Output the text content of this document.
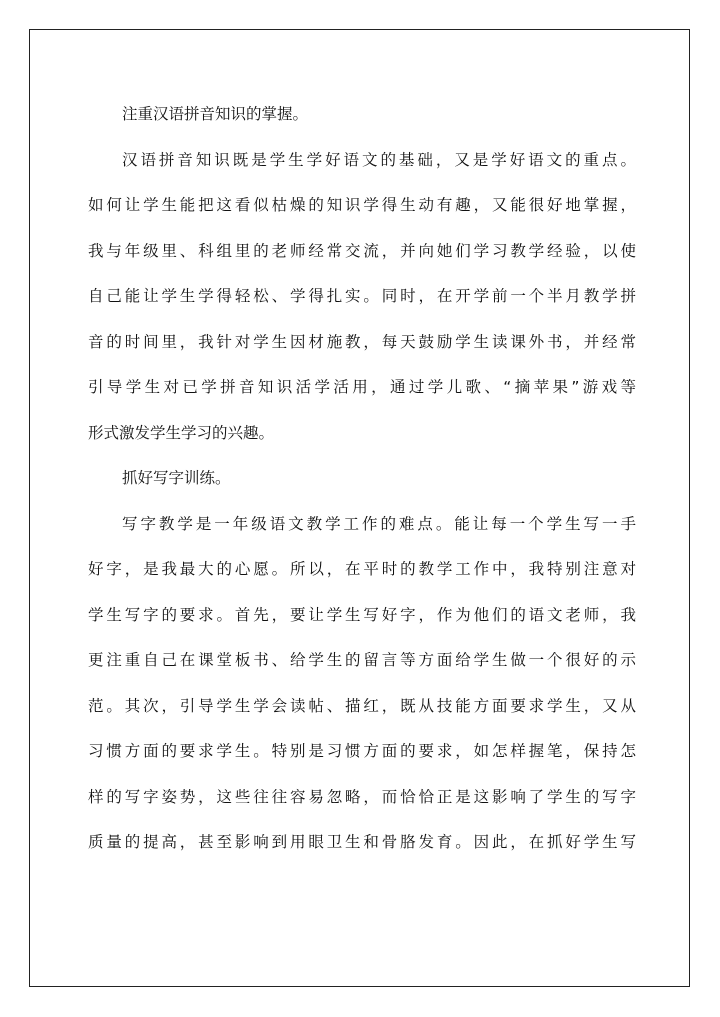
注重汉语拼音知识的掌握。
汉语拼音知识既是学生学好语文的基础，又是学好语文的重点。
如何让学生能把这看似枯燥的知识学得生动有趣，又能很好地掌握，
我与年级里、科组里的老师经常交流，并向她们学习教学经验，以使
自己能让学生学得轻松、学得扎实。同时，在开学前一个半月教学拼
音的时间里，我针对学生因材施教，每天鼓励学生读课外书，并经常
引导学生对已学拼音知识活学活用，通过学儿歌、“摘苹果”游戏等
形式激发学生学习的兴趣。
抓好写字训练。
写字教学是一年级语文教学工作的难点。能让每一个学生写一手
好字，是我最大的心愿。所以，在平时的教学工作中，我特别注意对
学生写字的要求。首先，要让学生写好字，作为他们的语文老师，我
更注重自己在课堂板书、给学生的留言等方面给学生做一个很好的示
范。其次，引导学生学会读帖、描红，既从技能方面要求学生，又从
习惯方面的要求学生。特别是习惯方面的要求，如怎样握笔，保持怎
样的写字姿势，这些往往容易忽略，而恰恰正是这影响了学生的写字
质量的提高，甚至影响到用眼卫生和骨胳发育。因此，在抓好学生写
